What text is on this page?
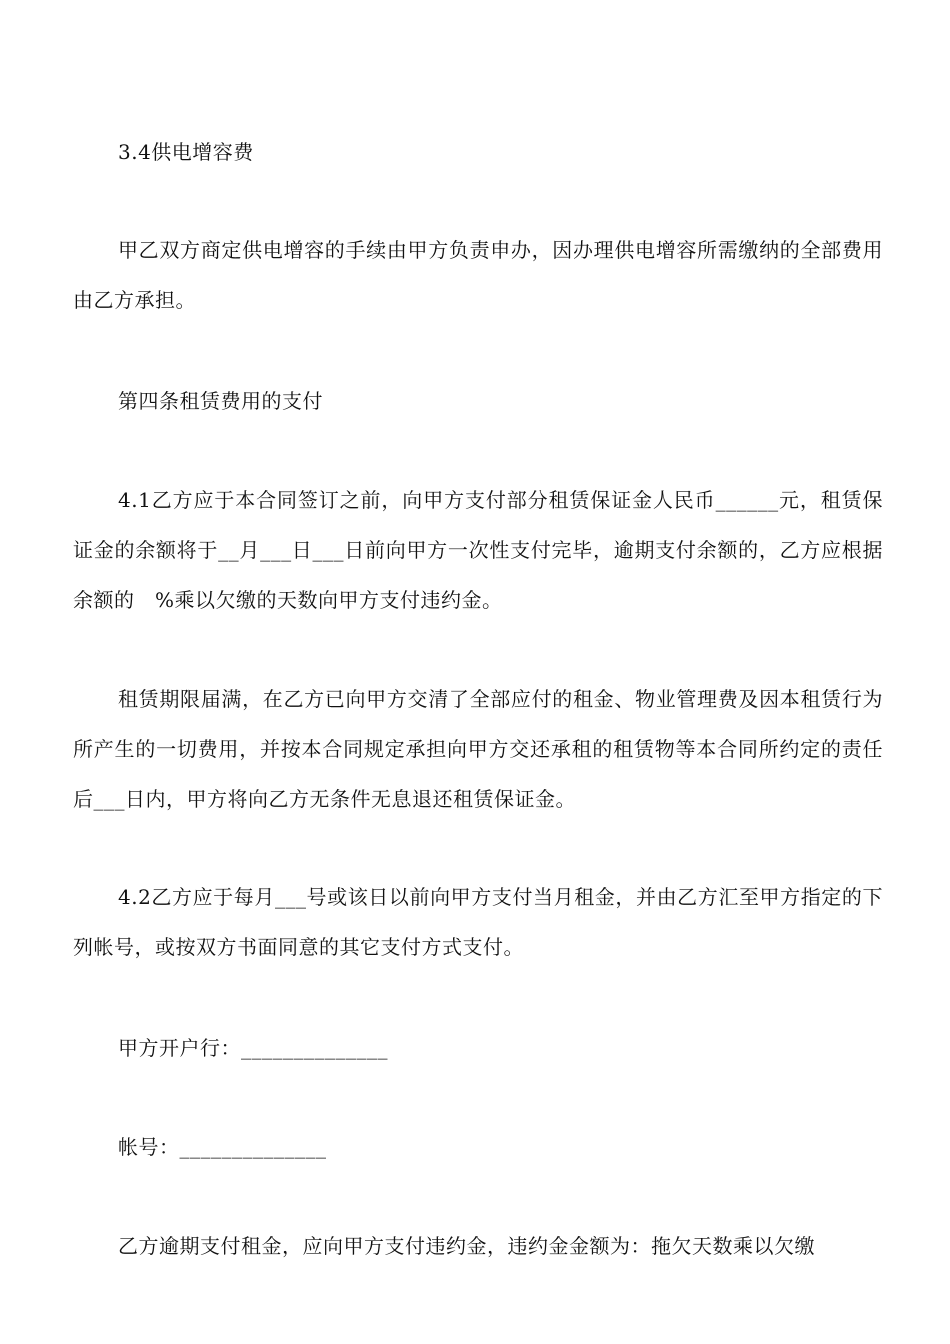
3.4供电增容费

甲乙双方商定供电增容的手续由甲方负责申办，因办理供电增容所需缴纳的全部费用由乙方承担。

第四条租赁费用的支付

4.1乙方应于本合同签订之前，向甲方支付部分租赁保证金人民币______元，租赁保证金的余额将于__月___日___日前向甲方一次性支付完毕，逾期支付余额的，乙方应根据余额的　%乘以欠缴的天数向甲方支付违约金。

租赁期限届满，在乙方已向甲方交清了全部应付的租金、物业管理费及因本租赁行为所产生的一切费用，并按本合同规定承担向甲方交还承租的租赁物等本合同所约定的责任后___日内，甲方将向乙方无条件无息退还租赁保证金。

4.2乙方应于每月___号或该日以前向甲方支付当月租金，并由乙方汇至甲方指定的下列帐号，或按双方书面同意的其它支付方式支付。

甲方开户行：______________

帐号：______________

乙方逾期支付租金，应向甲方支付违约金，违约金金额为：拖欠天数乘以欠缴
